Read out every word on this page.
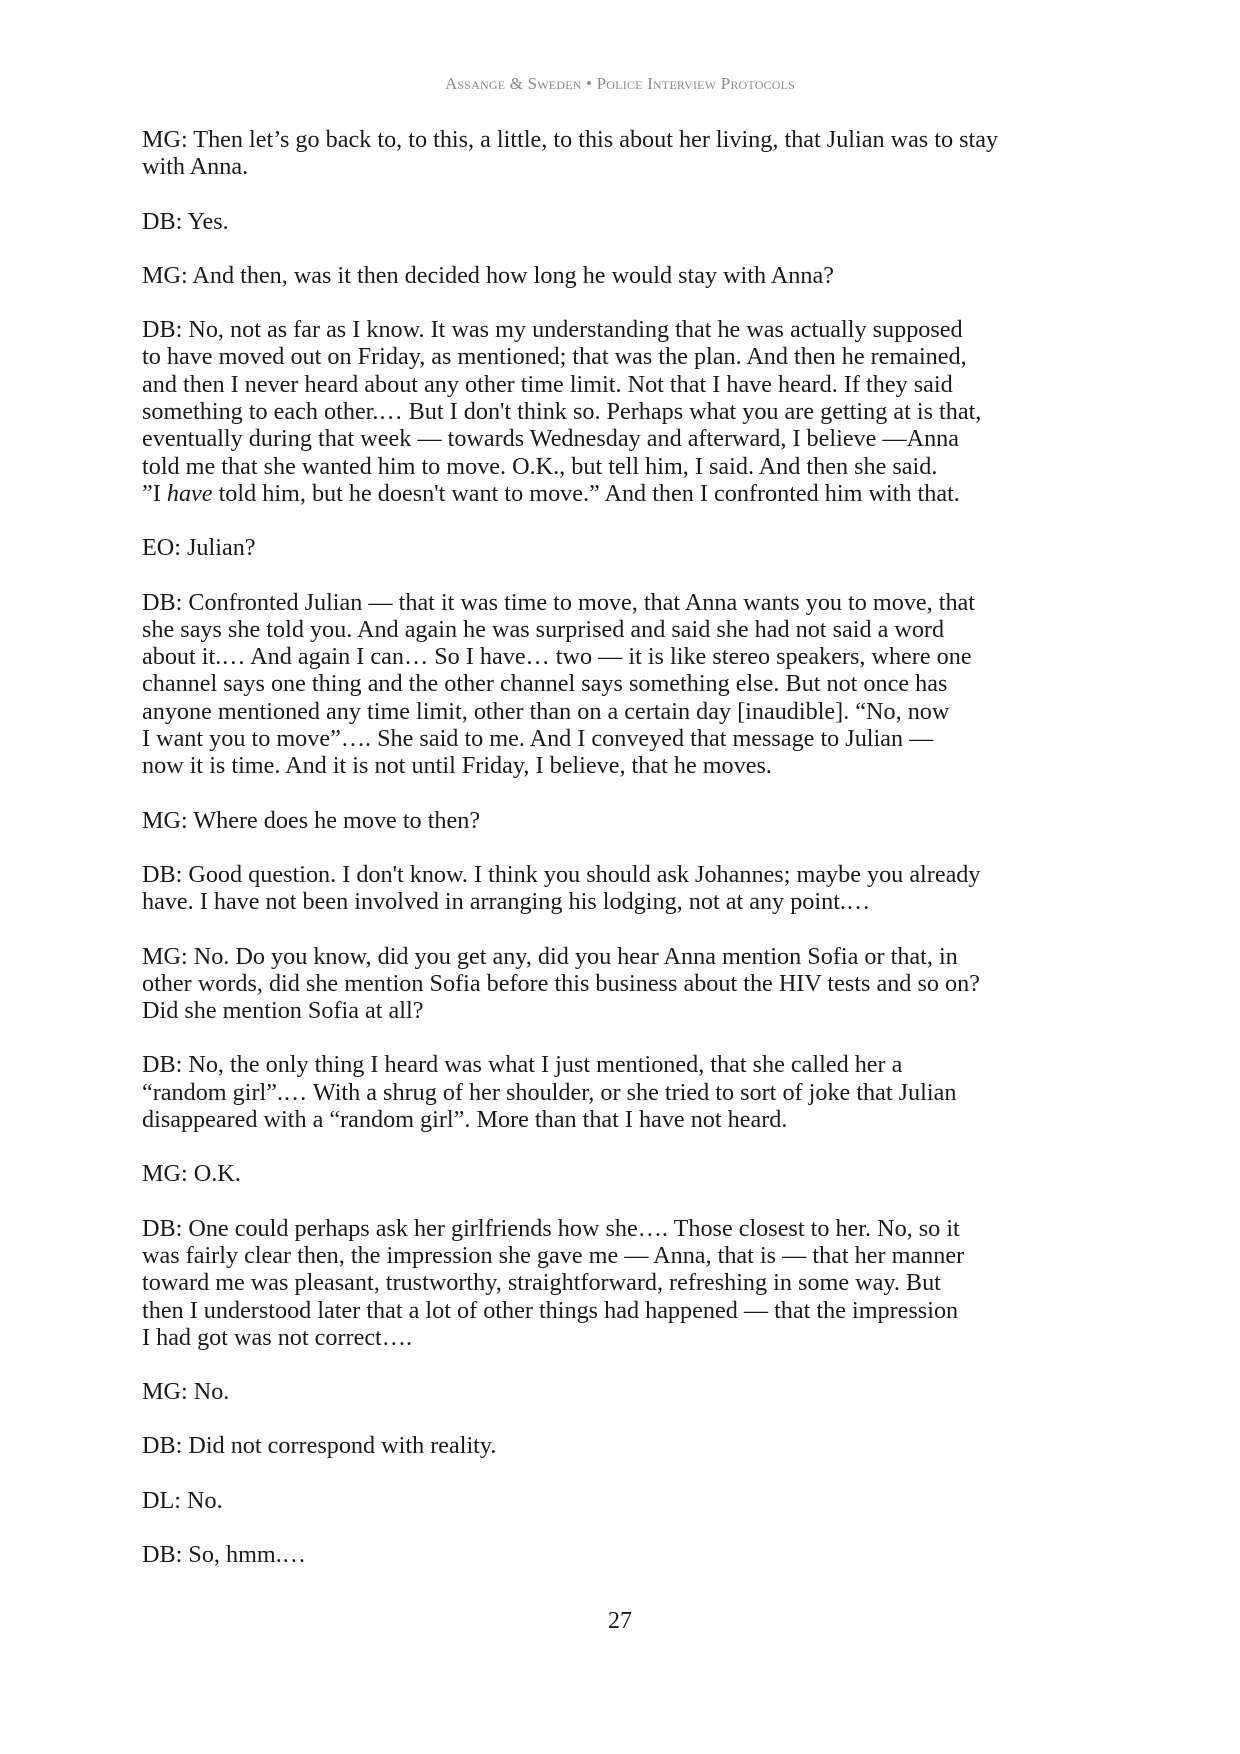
Assange & Sweden • Police Interview Protocols

MG: Then let’s go back to, to this, a little, to this about her living, that Julian was to stay
with Anna.

DB: Yes.

MG: And then, was it then decided how long he would stay with Anna?

DB: No, not as far as I know. It was my understanding that he was actually supposed
to have moved out on Friday, as mentioned; that was the plan. And then he remained,
and then I never heard about any other time limit. Not that I have heard. If they said
something to each other.… But I don't think so. Perhaps what you are getting at is that,
eventually during that week — towards Wednesday and afterward, I believe —Anna
told me that she wanted him to move. O.K., but tell him, I said. And then she said.
”I have told him, but he doesn't want to move.” And then I confronted him with that.

EO: Julian?

DB: Confronted Julian — that it was time to move, that Anna wants you to move, that
she says she told you. And again he was surprised and said she had not said a word
about it.… And again I can… So I have… two — it is like stereo speakers, where one
channel says one thing and the other channel says something else. But not once has
anyone mentioned any time limit, other than on a certain day [inaudible]. “No, now
I want you to move”…. She said to me. And I conveyed that message to Julian —
now it is time. And it is not until Friday, I believe, that he moves.

MG: Where does he move to then?

DB: Good question. I don't know. I think you should ask Johannes; maybe you already
have. I have not been involved in arranging his lodging, not at any point.…

MG: No. Do you know, did you get any, did you hear Anna mention Sofia or that, in
other words, did she mention Sofia before this business about the HIV tests and so on?
Did she mention Sofia at all?

DB: No, the only thing I heard was what I just mentioned, that she called her a
“random girl”.… With a shrug of her shoulder, or she tried to sort of joke that Julian
disappeared with a “random girl”. More than that I have not heard.

MG: O.K.

DB: One could perhaps ask her girlfriends how she…. Those closest to her. No, so it
was fairly clear then, the impression she gave me — Anna, that is — that her manner
toward me was pleasant, trustworthy, straightforward, refreshing in some way. But
then I understood later that a lot of other things had happened — that the impression
I had got was not correct….

MG: No.

DB: Did not correspond with reality.

DL: No.

DB: So, hmm.…

27
